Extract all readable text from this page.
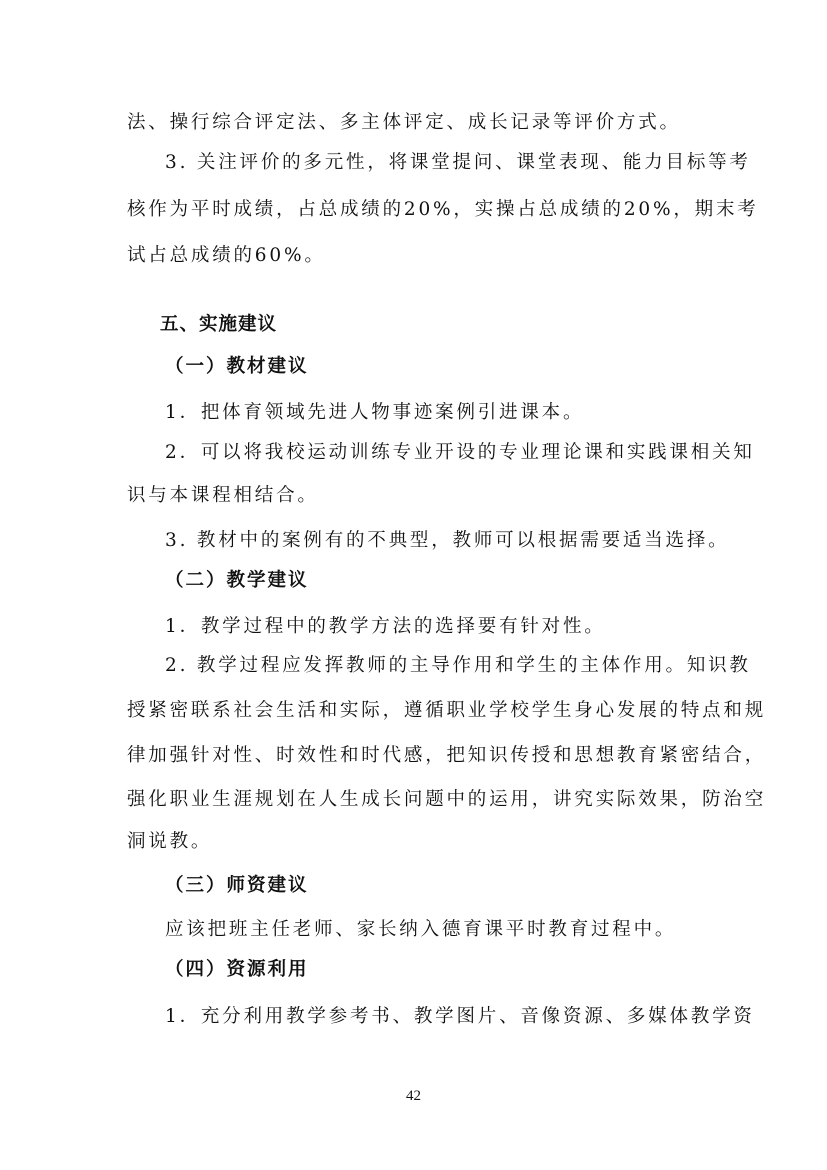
法、操行综合评定法、多主体评定、成长记录等评价方式。
3. 关注评价的多元性，将课堂提问、课堂表现、能力目标等考
核作为平时成绩，占总成绩的20%，实操占总成绩的20%，期末考
试占总成绩的60%。
五、实施建议
（一）教材建议
1．把体育领域先进人物事迹案例引进课本。
2．可以将我校运动训练专业开设的专业理论课和实践课相关知
识与本课程相结合。
3. 教材中的案例有的不典型，教师可以根据需要适当选择。
（二）教学建议
1．教学过程中的教学方法的选择要有针对性。
2. 教学过程应发挥教师的主导作用和学生的主体作用。知识教
授紧密联系社会生活和实际，遵循职业学校学生身心发展的特点和规
律加强针对性、时效性和时代感，把知识传授和思想教育紧密结合，
强化职业生涯规划在人生成长问题中的运用，讲究实际效果，防治空
洞说教。
（三）师资建议
应该把班主任老师、家长纳入德育课平时教育过程中。
（四）资源利用
1．充分利用教学参考书、教学图片、音像资源、多媒体教学资
42
